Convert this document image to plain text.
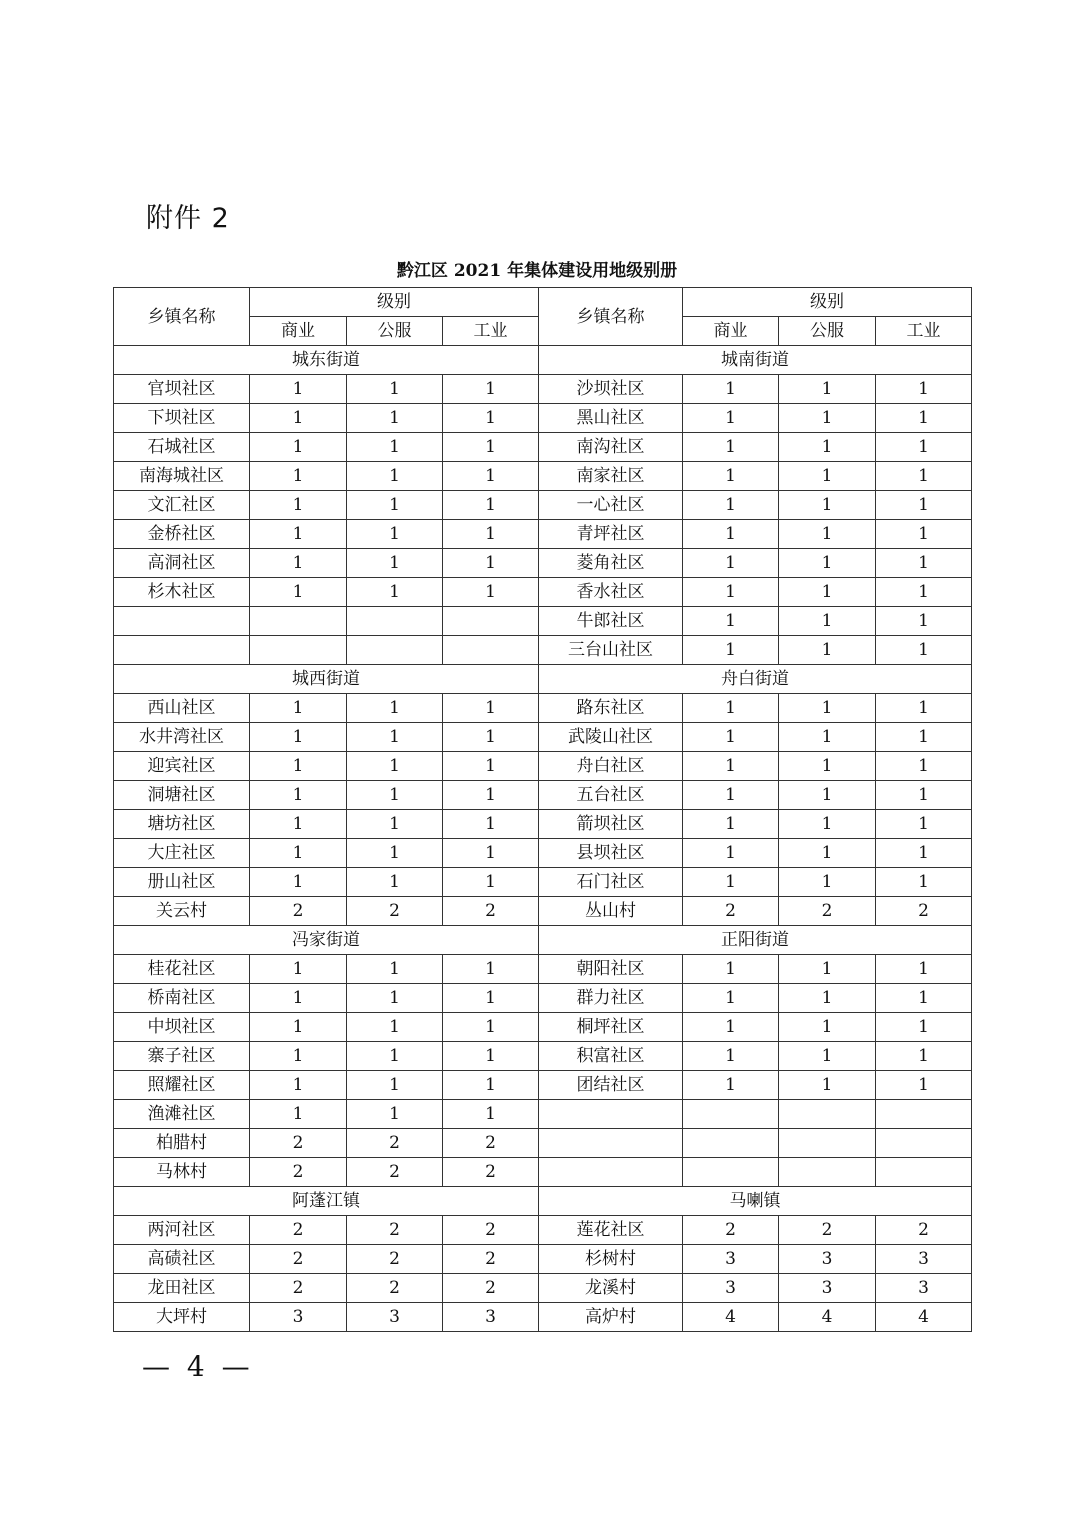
附件 2
黔江区 2021 年集体建设用地级别册
乡镇名称	级别			乡镇名称	级别		
	商业	公服	工业		商业	公服	工业
城东街道				城南街道			
官坝社区	1	1	1	沙坝社区	1	1	1
下坝社区	1	1	1	黑山社区	1	1	1
石城社区	1	1	1	南沟社区	1	1	1
南海城社区	1	1	1	南家社区	1	1	1
文汇社区	1	1	1	一心社区	1	1	1
金桥社区	1	1	1	青坪社区	1	1	1
高洞社区	1	1	1	菱角社区	1	1	1
杉木社区	1	1	1	香水社区	1	1	1
				牛郎社区	1	1	1
				三台山社区	1	1	1
城西街道				舟白街道			
西山社区	1	1	1	路东社区	1	1	1
水井湾社区	1	1	1	武陵山社区	1	1	1
迎宾社区	1	1	1	舟白社区	1	1	1
洞塘社区	1	1	1	五台社区	1	1	1
塘坊社区	1	1	1	箭坝社区	1	1	1
大庄社区	1	1	1	县坝社区	1	1	1
册山社区	1	1	1	石门社区	1	1	1
关云村	2	2	2	丛山村	2	2	2
冯家街道				正阳街道			
桂花社区	1	1	1	朝阳社区	1	1	1
桥南社区	1	1	1	群力社区	1	1	1
中坝社区	1	1	1	桐坪社区	1	1	1
寨子社区	1	1	1	积富社区	1	1	1
照耀社区	1	1	1	团结社区	1	1	1
渔滩社区	1	1	1				
柏腊村	2	2	2				
马林村	2	2	2				
阿蓬江镇				马喇镇			
两河社区	2	2	2	莲花社区	2	2	2
高碛社区	2	2	2	杉树村	3	3	3
龙田社区	2	2	2	龙溪村	3	3	3
大坪村	3	3	3	高炉村	4	4	4
— 4 —
